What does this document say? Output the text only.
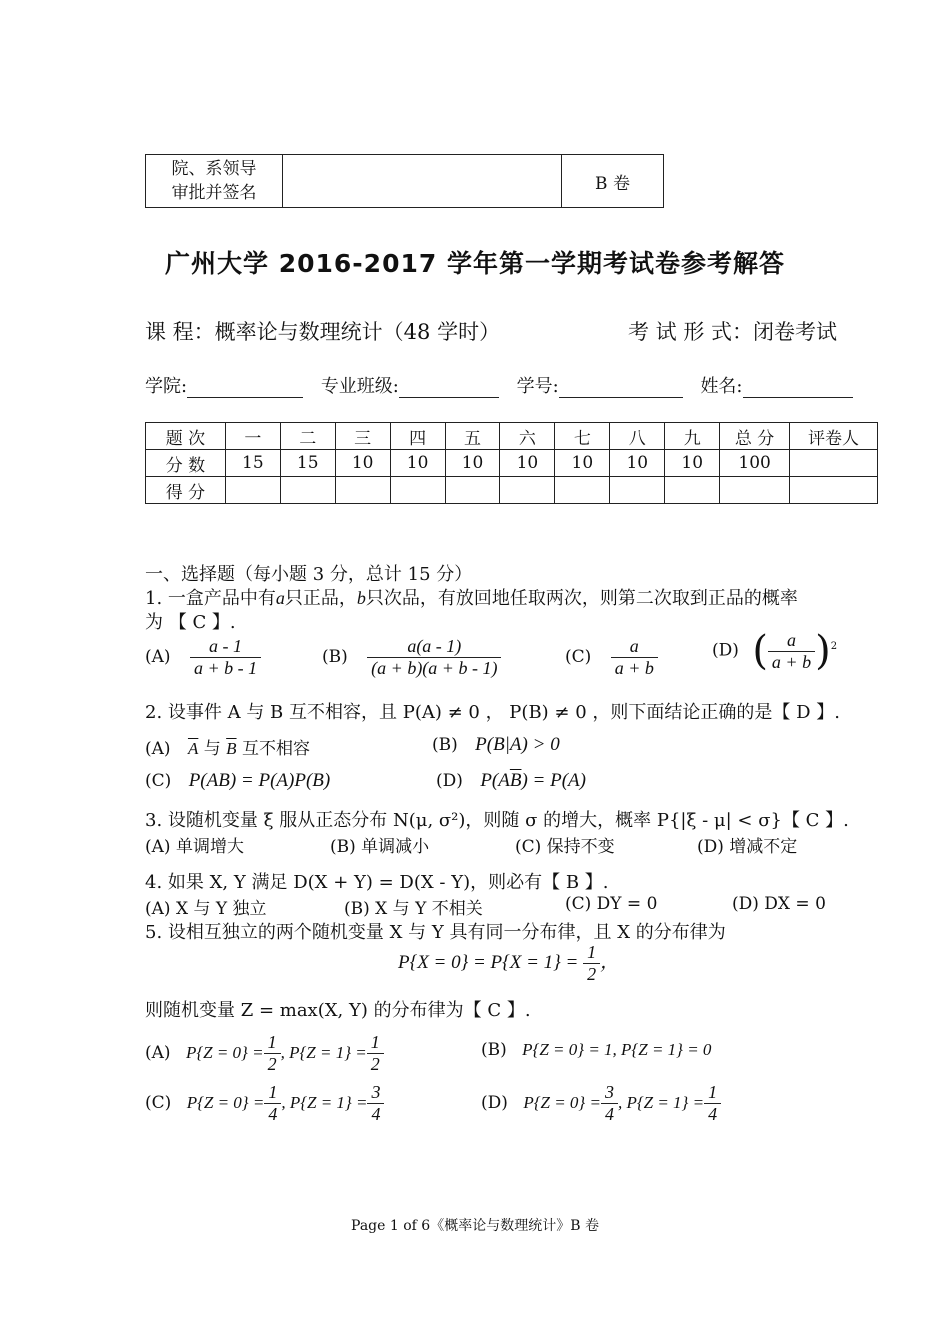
院、系领导
审批并签名		B 卷
广州大学 2016-2017 学年第一学期考试卷参考解答
课 程：概率论与数理统计（48 学时）	考 试 形 式：闭卷考试
学院:	专业班级:	学号:	姓名:
题 次	一	二	三	四	五	六	七	八	九	总 分	评卷人
分 数	15	15	10	10	10	10	10	10	10	100	
得 分											
一、选择题（每小题 3 分，总计 15 分）
1. 一盒产品中有a只正品，b只次品，有放回地任取两次，则第二次取到正品的概率
为 【 C 】.
$(A) \frac{a - 1}{a + b - 1}$	$(B) \frac{a(a - 1)}{(a + b)(a + b - 1)}$	$(C) \frac{a}{a + b}$	(D) ( $\frac{a}{a + b} )^2$
2. 设事件 A 与 B 互不相容，且 P(A) ≠ 0 ， P(B) ≠ 0 ，则下面结论正确的是【 D 】.
(A) $\overline{A}$ 与 $\overline{B}$ 互不相容	(B) P(B|A) > 0
(C) P(AB) = P(A)P(B)	(D) $P(A\overline{B}) = P(A)$
3. 设随机变量 ξ 服从正态分布 N(μ, σ²)，则随 σ 的增大，概率 P{|ξ - μ| < σ}【 C 】.
(A) 单调增大	(B) 单调减小	(C) 保持不变	(D) 增减不定
4. 如果 X, Y 满足 D(X + Y) = D(X - Y)，则必有【 B 】.
(A) X 与 Y 独立	(B) X 与 Y 不相关	(C) DY = 0	(D) DX = 0
5. 设相互独立的两个随机变量 X 与 Y 具有同一分布律，且 X 的分布律为
$P\{X = 0\} = P\{X = 1\} = \frac{1}{2}$ ，
则随机变量 Z = max(X, Y) 的分布律为【 C 】.
(A) $P\{Z = 0\} = \frac{1}{2}$ , $P\{Z = 1\} = \frac{1}{2}$	(B) P{Z = 0} = 1, P{Z = 1} = 0
(C) $P\{Z = 0\} = \frac{1}{4}$ , $P\{Z = 1\} = \frac{3}{4}$	(D) $P\{Z = 0\} = \frac{3}{4}$ , $P\{Z = 1\} = \frac{1}{4}$
Page 1 of 6《概率论与数理统计》B 卷
